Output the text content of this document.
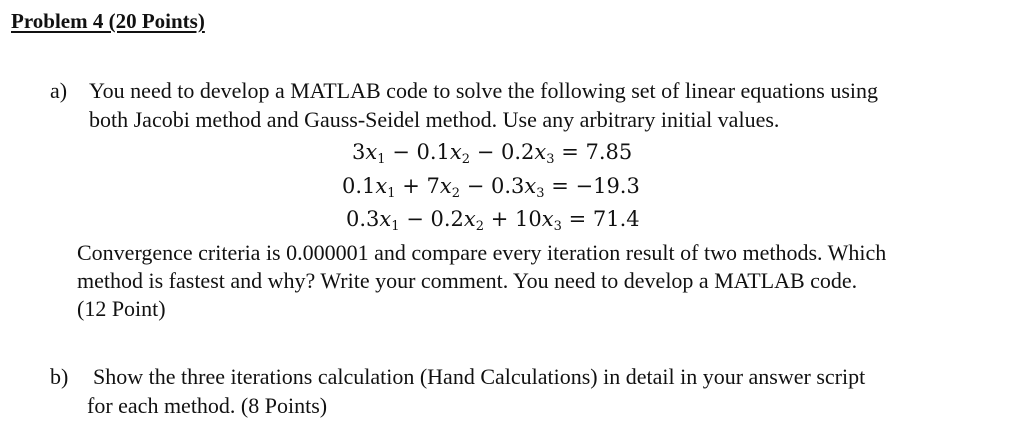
Problem 4 (20 Points)
a) You need to develop a MATLAB code to solve the following set of linear equations using
both Jacobi method and Gauss-Seidel method. Use any arbitrary initial values.
$3x_1 - 0.1x_2 - 0.2x_3 = 7.85$
$0.1x_1 + 7x_2 - 0.3x_3 = -19.3$
$0.3x_1 - 0.2x_2 + 10x_3 = 71.4$
Convergence criteria is 0.000001 and compare every iteration result of two methods. Which
method is fastest and why? Write your comment. You need to develop a MATLAB code.
(12 Point)
b) Show the three iterations calculation (Hand Calculations) in detail in your answer script
for each method. (8 Points)
